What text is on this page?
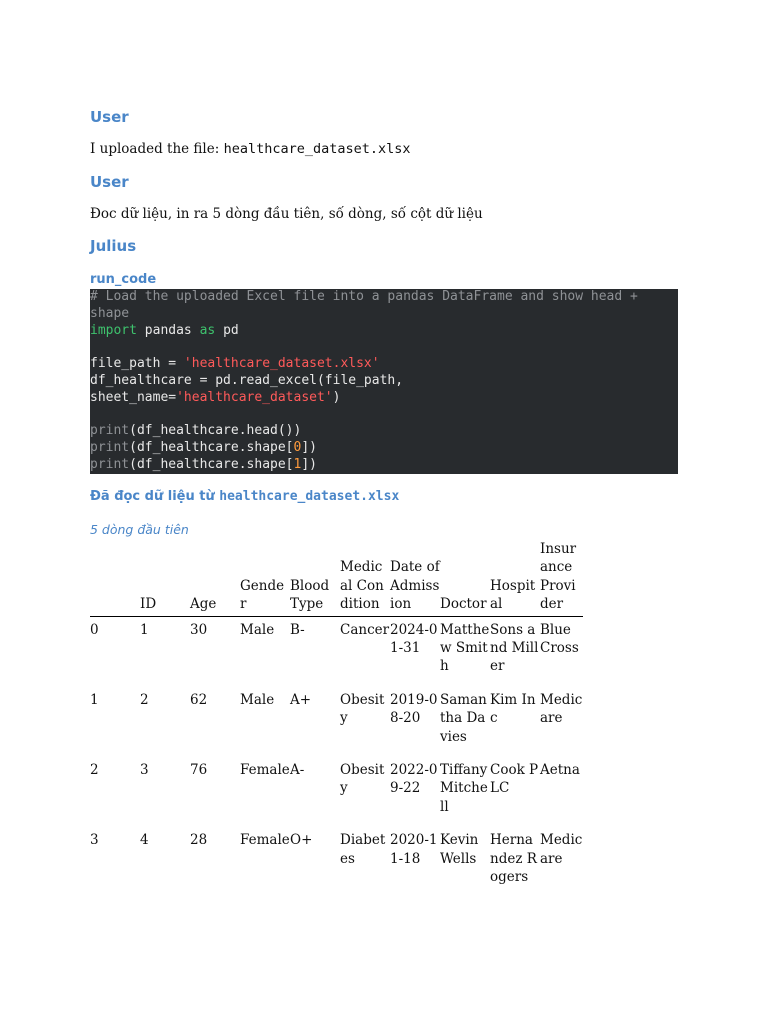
User

I uploaded the file: healthcare_dataset.xlsx

User

Đoc dữ liệu, in ra 5 dòng đầu tiên, số dòng, số cột dữ liệu

Julius

run_code

# Load the uploaded Excel file into a pandas DataFrame and show head +
shape
import pandas as pd

file_path = 'healthcare_dataset.xlsx'
df_healthcare = pd.read_excel(file_path,
sheet_name='healthcare_dataset')

print(df_healthcare.head())
print(df_healthcare.shape[0])
print(df_healthcare.shape[1])

Đã đọc dữ liệu từ healthcare_dataset.xlsx

5 dòng đầu tiên

	ID	Age	Gender	Blood Type	Medical Condition	Date of Admission	Doctor	Hospital	Insurance Provider
0	1	30	Male	B-	Cancer	2024-01-31	Matthew Smith	Sons and Miller	Blue Cross
1	2	62	Male	A+	Obesity	2019-08-20	Samantha Davies	Kim Inc	Medicare
2	3	76	Female	A-	Obesity	2022-09-22	Tiffany Mitchell	Cook PLC	Aetna
3	4	28	Female	O+	Diabetes	2020-11-18	Kevin Wells	Hernandez Rogers	Medicare
